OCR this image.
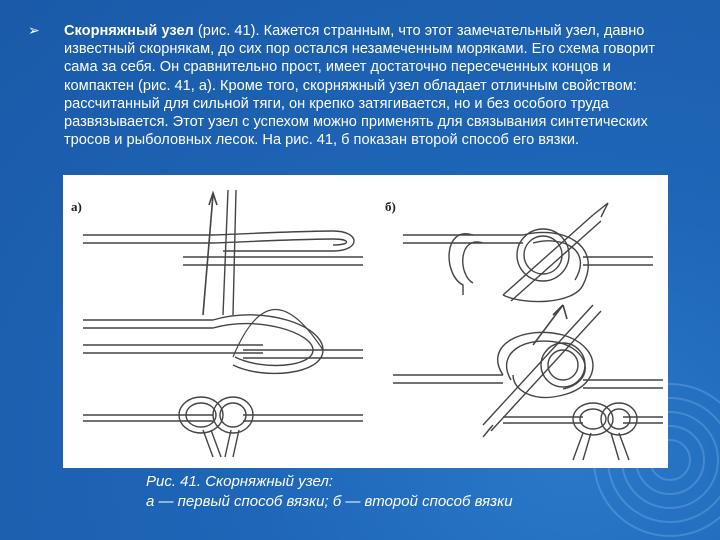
➢ Скорняжный узел (рис. 41). Кажется странным, что этот замечательный узел, давно известный скорнякам, до сих пор остался незамеченным моряками. Его схема говорит сама за себя. Он сравнительно прост, имеет достаточно пересеченных концов и компактен (рис. 41, а). Кроме того, скорняжный узел обладает отличным свойством: рассчитанный для сильной тяги, он крепко затягивается, но и без особого труда развязывается. Этот узел с успехом можно применять для связывания синтетических тросов и рыболовных лесок. На рис. 41, б показан второй способ его вязки.

а)	б)
Рис. 41. Скорняжный узел:
а — первый способ вязки; б — второй способ вязки
